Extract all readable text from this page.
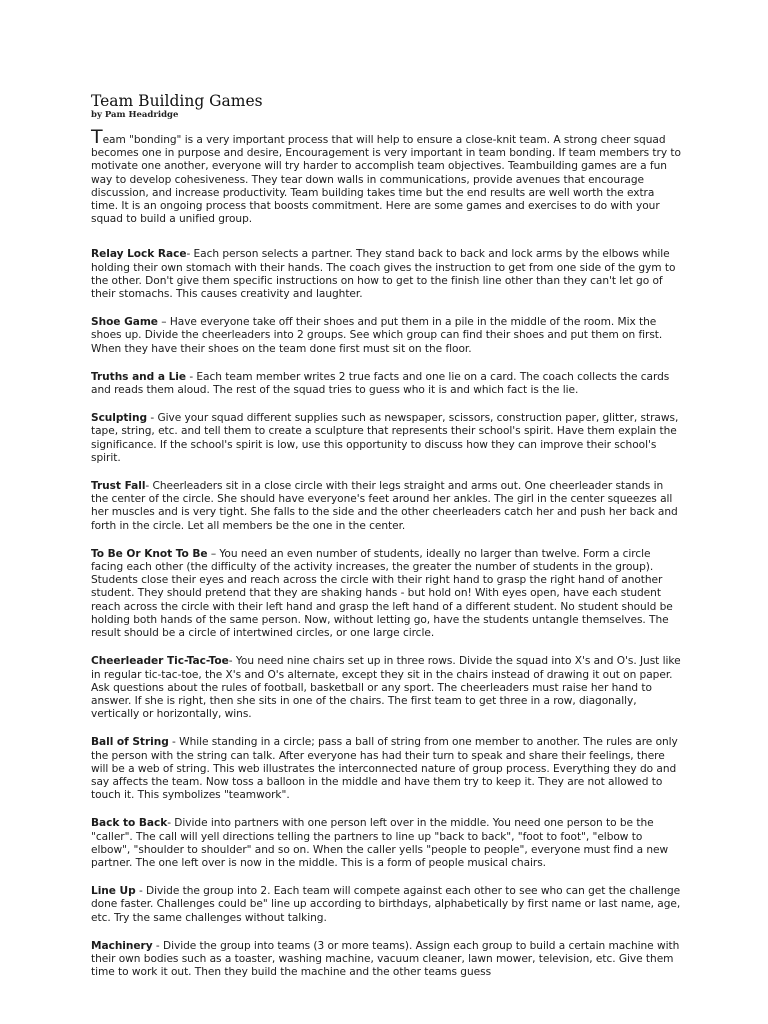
Team Building Games

by Pam Headridge

Team "bonding" is a very important process that will help to ensure a close-knit team. A strong cheer squad becomes one in purpose and desire, Encouragement is very important in team bonding. If team members try to motivate one another, everyone will try harder to accomplish team objectives. Teambuilding games are a fun way to develop cohesiveness. They tear down walls in communications, provide avenues that encourage discussion, and increase productivity. Team building takes time but the end results are well worth the extra time. It is an ongoing process that boosts commitment. Here are some games and exercises to do with your squad to build a unified group.

Relay Lock Race- Each person selects a partner. They stand back to back and lock arms by the elbows while holding their own stomach with their hands. The coach gives the instruction to get from one side of the gym to the other. Don't give them specific instructions on how to get to the finish line other than they can't let go of their stomachs. This causes creativity and laughter.

Shoe Game – Have everyone take off their shoes and put them in a pile in the middle of the room. Mix the shoes up. Divide the cheerleaders into 2 groups. See which group can find their shoes and put them on first. When they have their shoes on the team done first must sit on the floor.

Truths and a Lie - Each team member writes 2 true facts and one lie on a card. The coach collects the cards and reads them aloud. The rest of the squad tries to guess who it is and which fact is the lie.

Sculpting - Give your squad different supplies such as newspaper, scissors, construction paper, glitter, straws, tape, string, etc. and tell them to create a sculpture that represents their school's spirit. Have them explain the significance. If the school's spirit is low, use this opportunity to discuss how they can improve their school's spirit.

Trust Fall- Cheerleaders sit in a close circle with their legs straight and arms out. One cheerleader stands in the center of the circle. She should have everyone's feet around her ankles. The girl in the center squeezes all her muscles and is very tight. She falls to the side and the other cheerleaders catch her and push her back and forth in the circle. Let all members be the one in the center.

To Be Or Knot To Be – You need an even number of students, ideally no larger than twelve. Form a circle facing each other (the difficulty of the activity increases, the greater the number of students in the group). Students close their eyes and reach across the circle with their right hand to grasp the right hand of another student. They should pretend that they are shaking hands - but hold on! With eyes open, have each student reach across the circle with their left hand and grasp the left hand of a different student. No student should be holding both hands of the same person. Now, without letting go, have the students untangle themselves. The result should be a circle of intertwined circles, or one large circle.

Cheerleader Tic-Tac-Toe- You need nine chairs set up in three rows. Divide the squad into X's and O's. Just like in regular tic-tac-toe, the X's and O's alternate, except they sit in the chairs instead of drawing it out on paper. Ask questions about the rules of football, basketball or any sport. The cheerleaders must raise her hand to answer. If she is right, then she sits in one of the chairs. The first team to get three in a row, diagonally, vertically or horizontally, wins.

Ball of String - While standing in a circle; pass a ball of string from one member to another. The rules are only the person with the string can talk. After everyone has had their turn to speak and share their feelings, there will be a web of string. This web illustrates the interconnected nature of group process. Everything they do and say affects the team. Now toss a balloon in the middle and have them try to keep it. They are not allowed to touch it. This symbolizes "teamwork".

Back to Back- Divide into partners with one person left over in the middle. You need one person to be the "caller". The call will yell directions telling the partners to line up "back to back", "foot to foot", "elbow to elbow", "shoulder to shoulder" and so on. When the caller yells "people to people", everyone must find a new partner. The one left over is now in the middle. This is a form of people musical chairs.

Line Up - Divide the group into 2. Each team will compete against each other to see who can get the challenge done faster. Challenges could be" line up according to birthdays, alphabetically by first name or last name, age, etc. Try the same challenges without talking.

Machinery - Divide the group into teams (3 or more teams). Assign each group to build a certain machine with their own bodies such as a toaster, washing machine, vacuum cleaner, lawn mower, television, etc. Give them time to work it out. Then they build the machine and the other teams guess
